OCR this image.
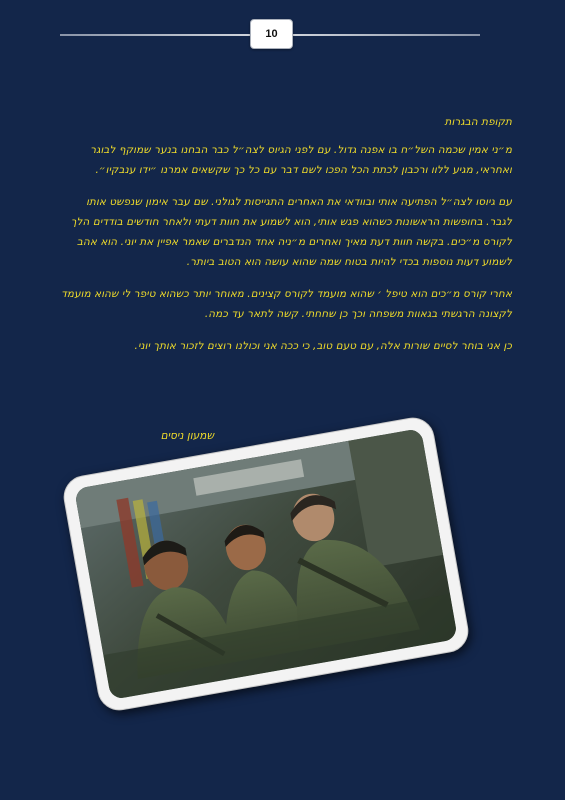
10

תקופת הבגרות

מ״ני אמין שכמה השל״ח בו אפנה גדול. עם לפני הגיוס לצה״ל כבר הבחנו בנער שמוקף לבוגר ואחראי, מגיע ללוו ורכבון לכתת הכל הפכו לשם דבר עם כל כך שקשאים אמרנו ״ידו ענבקיו״.

עם גיוסו לצה״ל הפתיעה אותי ובוודאי את האחרים התגייסות לגולני. שם עבר אימון שנפשט אותו לגבר. בחופשות הראשונות כשהוא פגש אותי, הוא לשמוע את חוות דעתי ולאחר חודשים בודדים הלך לקורס מ״כים. בקשה חוות דעת מאיך ואחרים מ״ניה אחד הנדברים שאמר אפיין את יוני. הוא אהב לשמוע דעות נוספות בכדי להיות בטוח שמה שהוא עושה הוא הטוב ביותר.

אחרי קורס מ״כים הוא טיפל ׳ שהוא מועמד לקורס קצינים. מאוחר יותר כשהוא טיפר לי שהוא מועמד לקצונה הרגשתי בגאוות משפחה וכך כן שחחתי. קשה לתאר עד כמה.

כן אני בוחר לסיים שורות אלה, עם טעם טוב, כי ככה אני וכולנו רוצים לזכור אותך יוני.

שמעון ניסים
